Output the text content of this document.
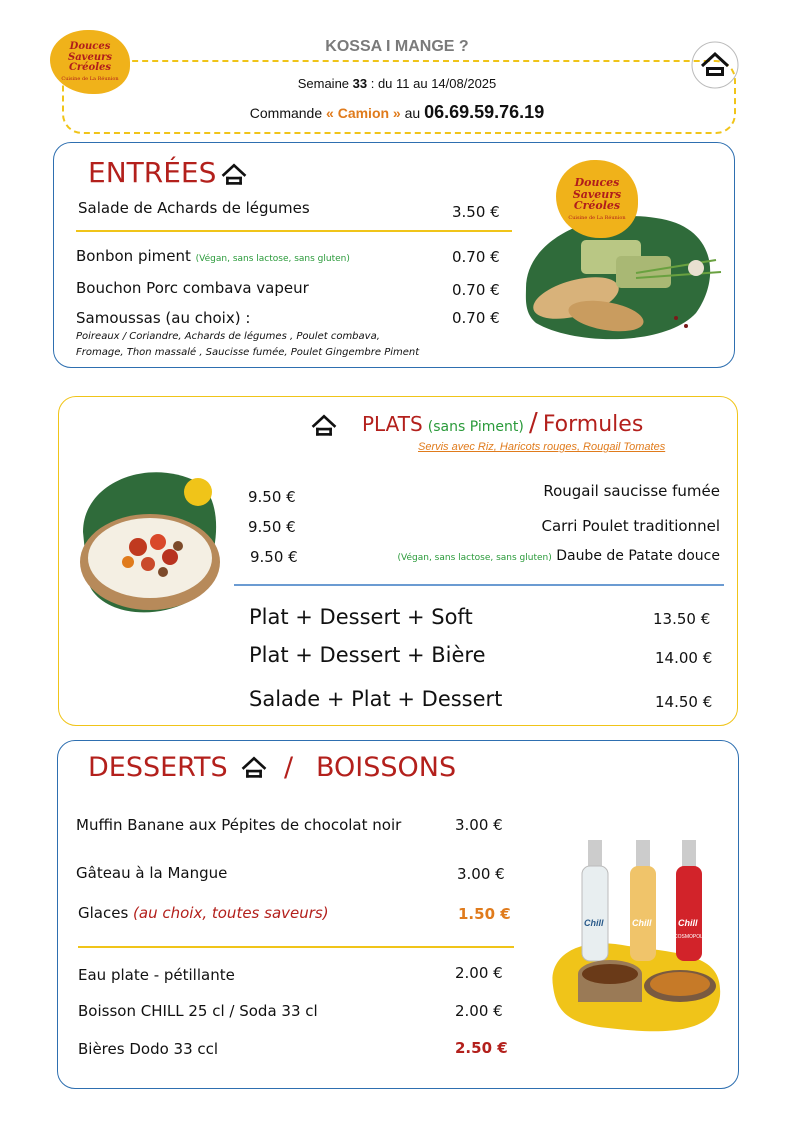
Douces
Saveurs
Créoles
Cuisine de La Réunion
KOSSA I MANGE ?
Semaine 33 : du 11 au 14/08/2025
Commande « Camion » au 06.69.59.76.19
ENTRÉES
Salade de Achards de légumes	3.50 €
Bonbon piment (Végan, sans lactose, sans gluten)	0.70 €
Bouchon Porc combava vapeur	0.70 €
Samoussas (au choix) :	0.70 €
Poireaux / Coriandre, Achards de légumes , Poulet combava,
Fromage, Thon massalé , Saucisse fumée, Poulet Gingembre Piment
Douces
Saveurs
Créoles
Cuisine de La Réunion
PLATS (sans Piment) / Formules
Servis avec Riz, Haricots rouges, Rougail Tomates
9.50 €	Rougail saucisse fumée
9.50 €	Carri Poulet traditionnel
9.50 €	(Végan, sans lactose, sans gluten) Daube de Patate douce
Plat + Dessert + Soft	13.50 €
Plat + Dessert + Bière	14.00 €
Salade + Plat + Dessert	14.50 €
DESSERTS / BOISSONS
Muffin Banane aux Pépites de chocolat noir	3.00 €
Gâteau à la Mangue	3.00 €
Glaces (au choix, toutes saveurs)	1.50 €
Eau plate - pétillante	2.00 €
Boisson CHILL 25 cl / Soda 33 cl	2.00 €
Bières Dodo 33 ccl	2.50 €
Chill	Chill	Chill
COSMOPOLITAN
